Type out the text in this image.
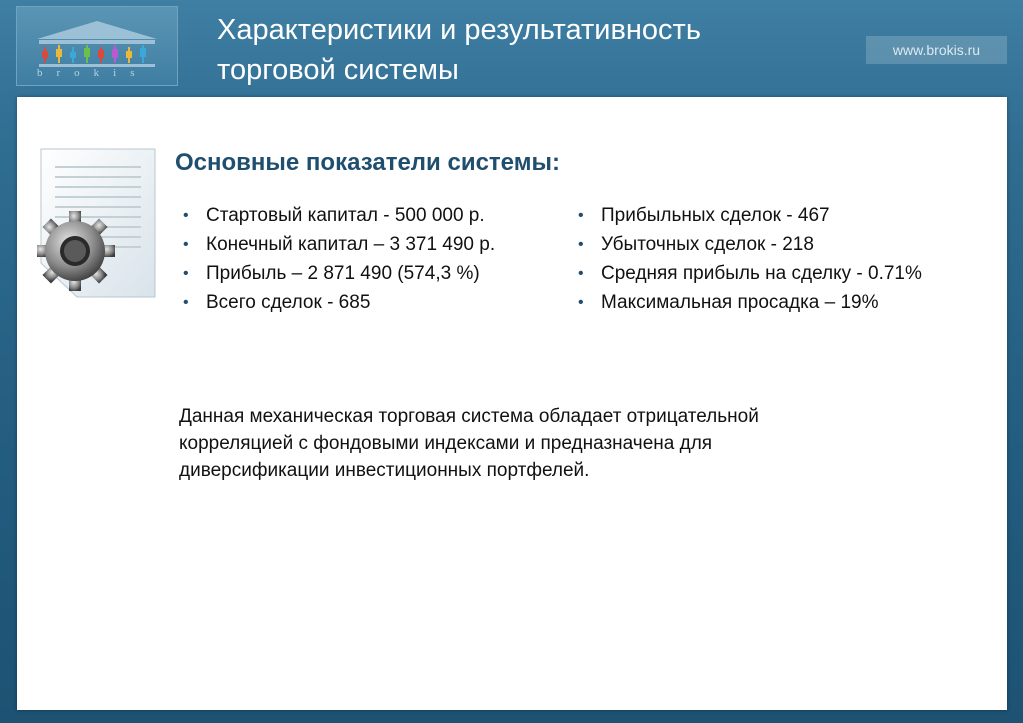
brokis
Характеристики и результативность
торговой системы
www.brokis.ru
Основные показатели системы:
• Стартовый капитал - 500 000 р.
• Конечный капитал – 3 371 490 р.
• Прибыль – 2 871 490 (574,3 %)
• Всего сделок - 685
• Прибыльных сделок - 467
• Убыточных сделок - 218
• Средняя прибыль на сделку - 0.71%
• Максимальная просадка – 19%
Данная механическая торговая система обладает отрицательной
корреляцией с фондовыми индексами и предназначена для
диверсификации инвестиционных портфелей.
